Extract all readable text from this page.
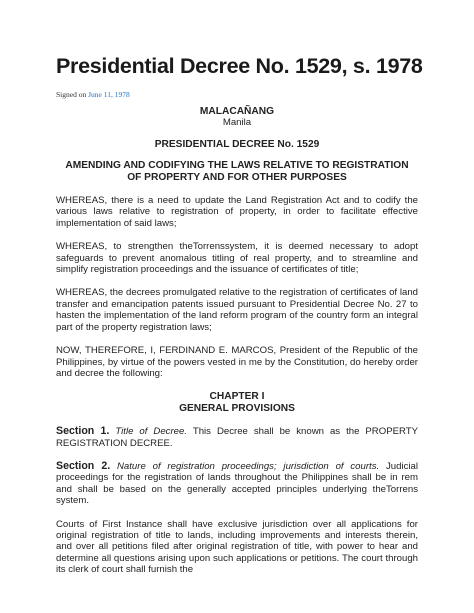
Presidential Decree No. 1529, s. 1978
Signed on June 11, 1978
MALACAÑANG
Manila
PRESIDENTIAL DECREE No. 1529
AMENDING AND CODIFYING THE LAWS RELATIVE TO REGISTRATION
OF PROPERTY AND FOR OTHER PURPOSES

WHEREAS, there is a need to update the Land Registration Act and to codify the various laws relative to registration of property, in order to facilitate effective implementation of said laws;

WHEREAS, to strengthen theTorrenssystem, it is deemed necessary to adopt safeguards to prevent anomalous titling of real property, and to streamline and simplify registration proceedings and the issuance of certificates of title;

WHEREAS, the decrees promulgated relative to the registration of certificates of land transfer and emancipation patents issued pursuant to Presidential Decree No. 27 to hasten the implementation of the land reform program of the country form an integral part of the property registration laws;

NOW, THEREFORE, I, FERDINAND E. MARCOS, President of the Republic of the Philippines, by virtue of the powers vested in me by the Constitution, do hereby order and decree the following:

CHAPTER I
GENERAL PROVISIONS

Section 1. Title of Decree. This Decree shall be known as the PROPERTY REGISTRATION DECREE.

Section 2. Nature of registration proceedings; jurisdiction of courts. Judicial proceedings for the registration of lands throughout the Philippines shall be in rem and shall be based on the generally accepted principles underlying theTorrens system.

Courts of First Instance shall have exclusive jurisdiction over all applications for original registration of title to lands, including improvements and interests therein, and over all petitions filed after original registration of title, with power to hear and determine all questions arising upon such applications or petitions. The court through its clerk of court shall furnish the
